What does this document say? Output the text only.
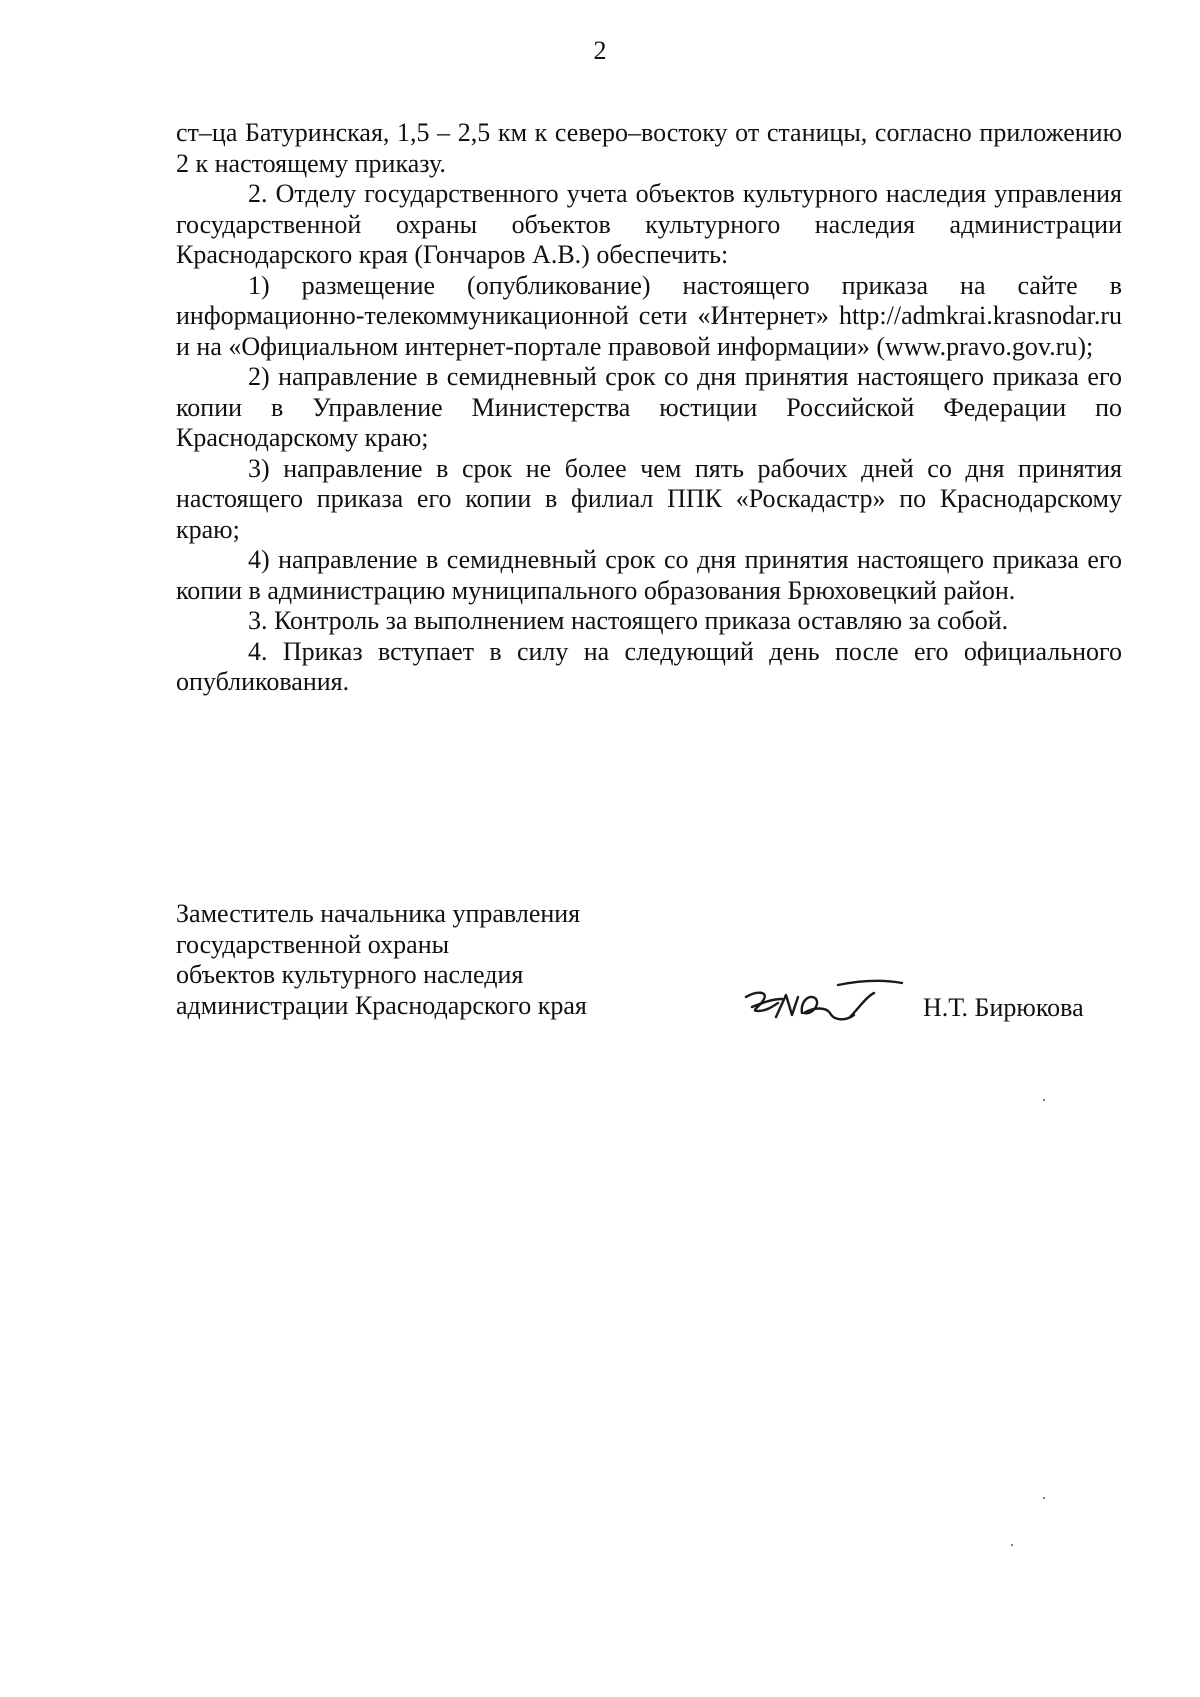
2

ст–ца Батуринская, 1,5 – 2,5 км к северо–востоку от станицы, согласно приложению 2 к настоящему приказу.

2. Отделу государственного учета объектов культурного наследия управления государственной охраны объектов культурного наследия администрации Краснодарского края (Гончаров А.В.) обеспечить:

1) размещение (опубликование) настоящего приказа на сайте в информационно-телекоммуникационной сети «Интернет» http://admkrai.krasnodar.ru и на «Официальном интернет-портале правовой информации» (www.pravo.gov.ru);

2) направление в семидневный срок со дня принятия настоящего приказа его копии в Управление Министерства юстиции Российской Федерации по Краснодарскому краю;

3) направление в срок не более чем пять рабочих дней со дня принятия настоящего приказа его копии в филиал ППК «Роскадастр» по Краснодарскому краю;

4) направление в семидневный срок со дня принятия настоящего приказа его копии в администрацию муниципального образования Брюховецкий район.

3. Контроль за выполнением настоящего приказа оставляю за собой.

4. Приказ вступает в силу на следующий день после его официального опубликования.

Заместитель начальника управления
государственной охраны
объектов культурного наследия
администрации Краснодарского края	Н.Т. Бирюкова
